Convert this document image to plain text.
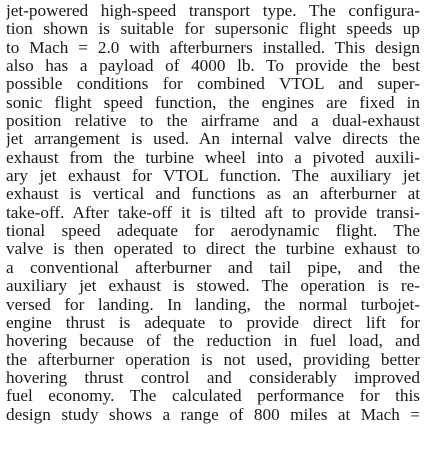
jet-powered high-speed transport type. The configura-
tion shown is suitable for supersonic flight speeds up
to Mach = 2.0 with afterburners installed. This design
also has a payload of 4000 lb. To provide the best
possible conditions for combined VTOL and super-
sonic flight speed function, the engines are fixed in
position relative to the airframe and a dual-exhaust
jet arrangement is used. An internal valve directs the
exhaust from the turbine wheel into a pivoted auxili-
ary jet exhaust for VTOL function. The auxiliary jet
exhaust is vertical and functions as an afterburner at
take-off. After take-off it is tilted aft to provide transi-
tional speed adequate for aerodynamic flight. The
valve is then operated to direct the turbine exhaust to
a conventional afterburner and tail pipe, and the
auxiliary jet exhaust is stowed. The operation is re-
versed for landing. In landing, the normal turbojet-
engine thrust is adequate to provide direct lift for
hovering because of the reduction in fuel load, and
the afterburner operation is not used, providing better
hovering thrust control and considerably improved
fuel economy. The calculated performance for this
design study shows a range of 800 miles at Mach =
